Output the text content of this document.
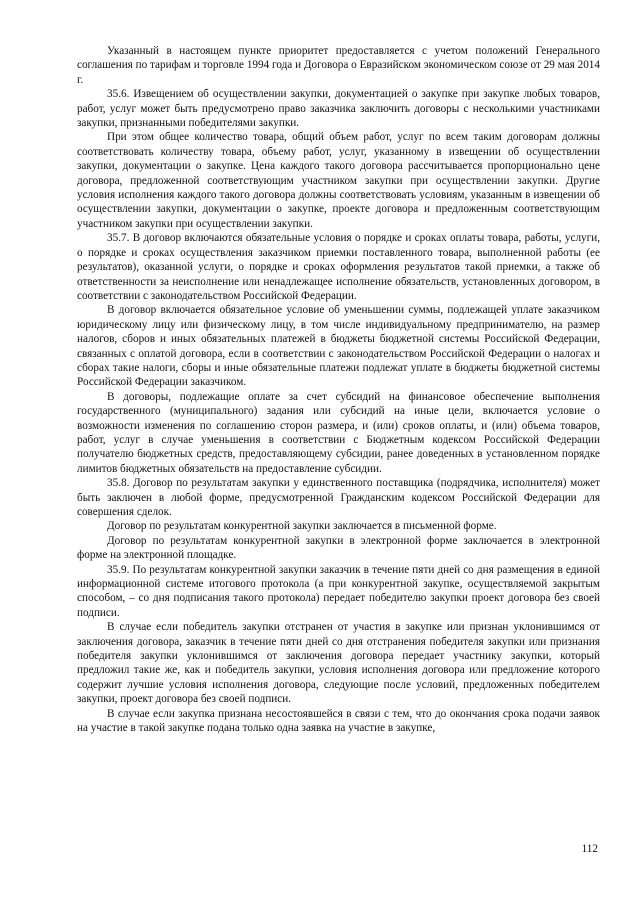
Указанный в настоящем пункте приоритет предоставляется с учетом положений Генерального соглашения по тарифам и торговле 1994 года и Договора о Евразийском экономическом союзе от 29 мая 2014 г.

35.6. Извещением об осуществлении закупки, документацией о закупке при закупке любых товаров, работ, услуг может быть предусмотрено право заказчика заключить договоры с несколькими участниками закупки, признанными победителями закупки.

При этом общее количество товара, общий объем работ, услуг по всем таким договорам должны соответствовать количеству товара, объему работ, услуг, указанному в извещении об осуществлении закупки, документации о закупке. Цена каждого такого договора рассчитывается пропорционально цене договора, предложенной соответствующим участником закупки при осуществлении закупки. Другие условия исполнения каждого такого договора должны соответствовать условиям, указанным в извещении об осуществлении закупки, документации о закупке, проекте договора и предложенным соответствующим участником закупки при осуществлении закупки.

35.7. В договор включаются обязательные условия о порядке и сроках оплаты товара, работы, услуги, о порядке и сроках осуществления заказчиком приемки поставленного товара, выполненной работы (ее результатов), оказанной услуги, о порядке и сроках оформления результатов такой приемки, а также об ответственности за неисполнение или ненадлежащее исполнение обязательств, установленных договором, в соответствии с законодательством Российской Федерации.

В договор включается обязательное условие об уменьшении суммы, подлежащей уплате заказчиком юридическому лицу или физическому лицу, в том числе индивидуальному предпринимателю, на размер налогов, сборов и иных обязательных платежей в бюджеты бюджетной системы Российской Федерации, связанных с оплатой договора, если в соответствии с законодательством Российской Федерации о налогах и сборах такие налоги, сборы и иные обязательные платежи подлежат уплате в бюджеты бюджетной системы Российской Федерации заказчиком.

В договоры, подлежащие оплате за счет субсидий на финансовое обеспечение выполнения государственного (муниципального) задания или субсидий на иные цели, включается условие о возможности изменения по соглашению сторон размера, и (или) сроков оплаты, и (или) объема товаров, работ, услуг в случае уменьшения в соответствии с Бюджетным кодексом Российской Федерации получателю бюджетных средств, предоставляющему субсидии, ранее доведенных в установленном порядке лимитов бюджетных обязательств на предоставление субсидии.

35.8. Договор по результатам закупки у единственного поставщика (подрядчика, исполнителя) может быть заключен в любой форме, предусмотренной Гражданским кодексом Российской Федерации для совершения сделок.

Договор по результатам конкурентной закупки заключается в письменной форме.

Договор по результатам конкурентной закупки в электронной форме заключается в электронной форме на электронной площадке.

35.9. По результатам конкурентной закупки заказчик в течение пяти дней со дня размещения в единой информационной системе итогового протокола (а при конкурентной закупке, осуществляемой закрытым способом, – со дня подписания такого протокола) передает победителю закупки проект договора без своей подписи.

В случае если победитель закупки отстранен от участия в закупке или признан уклонившимся от заключения договора, заказчик в течение пяти дней со дня отстранения победителя закупки или признания победителя закупки уклонившимся от заключения договора передает участнику закупки, который предложил такие же, как и победитель закупки, условия исполнения договора или предложение которого содержит лучшие условия исполнения договора, следующие после условий, предложенных победителем закупки, проект договора без своей подписи.

В случае если закупка признана несостоявшейся в связи с тем, что до окончания срока подачи заявок на участие в такой закупке подана только одна заявка на участие в закупке,

112
